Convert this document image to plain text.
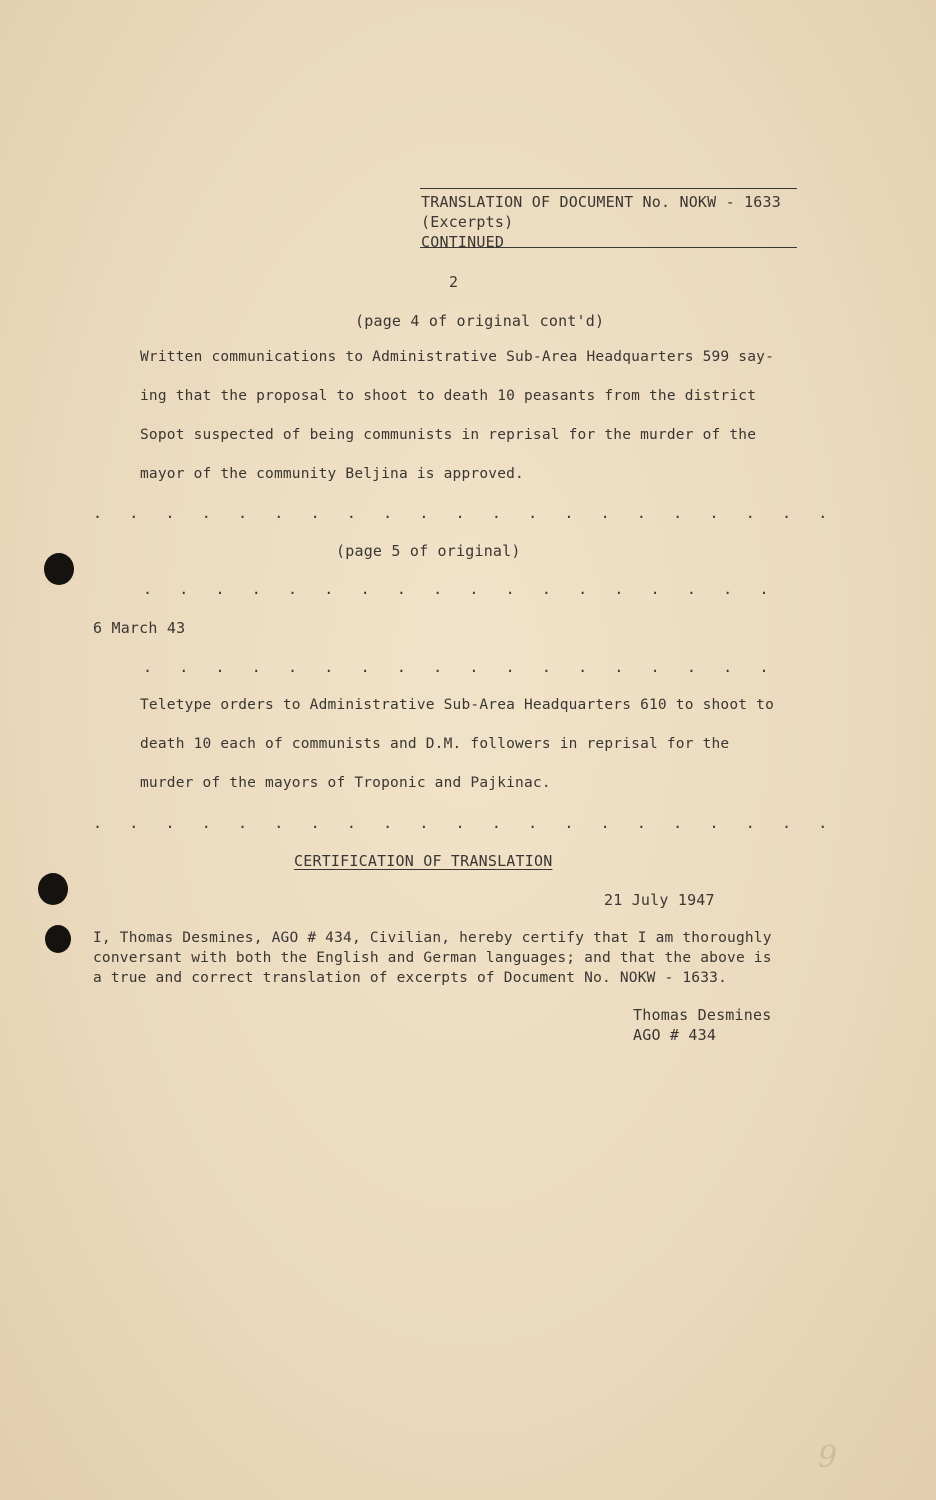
TRANSLATION OF DOCUMENT No. NOKW - 1633
(Excerpts)
CONTINUED
2
(page 4 of original cont'd)
Written communications to Administrative Sub-Area Headquarters 599 say-
ing that the proposal to shoot to death 10 peasants from the district
Sopot suspected of being communists in reprisal for the murder of the
mayor of the community Beljina is approved.
. . . . . . . . . . . . . . . . . . . . .
(page 5 of original)
. . . . . . . . . . . . . . . . . .
6 March 43
. . . . . . . . . . . . . . . . . .
Teletype orders to Administrative Sub-Area Headquarters 610 to shoot to
death 10 each of communists and D.M. followers in reprisal for the
murder of the mayors of Troponic and Pajkinac.
. . . . . . . . . . . . . . . . . . . . .
CERTIFICATION OF TRANSLATION
21 July 1947
I, Thomas Desmines, AGO # 434, Civilian, hereby certify that I am thoroughly
conversant with both the English and German languages; and that the above is
a true and correct translation of excerpts of Document No. NOKW - 1633.
Thomas Desmines
AGO # 434
9
